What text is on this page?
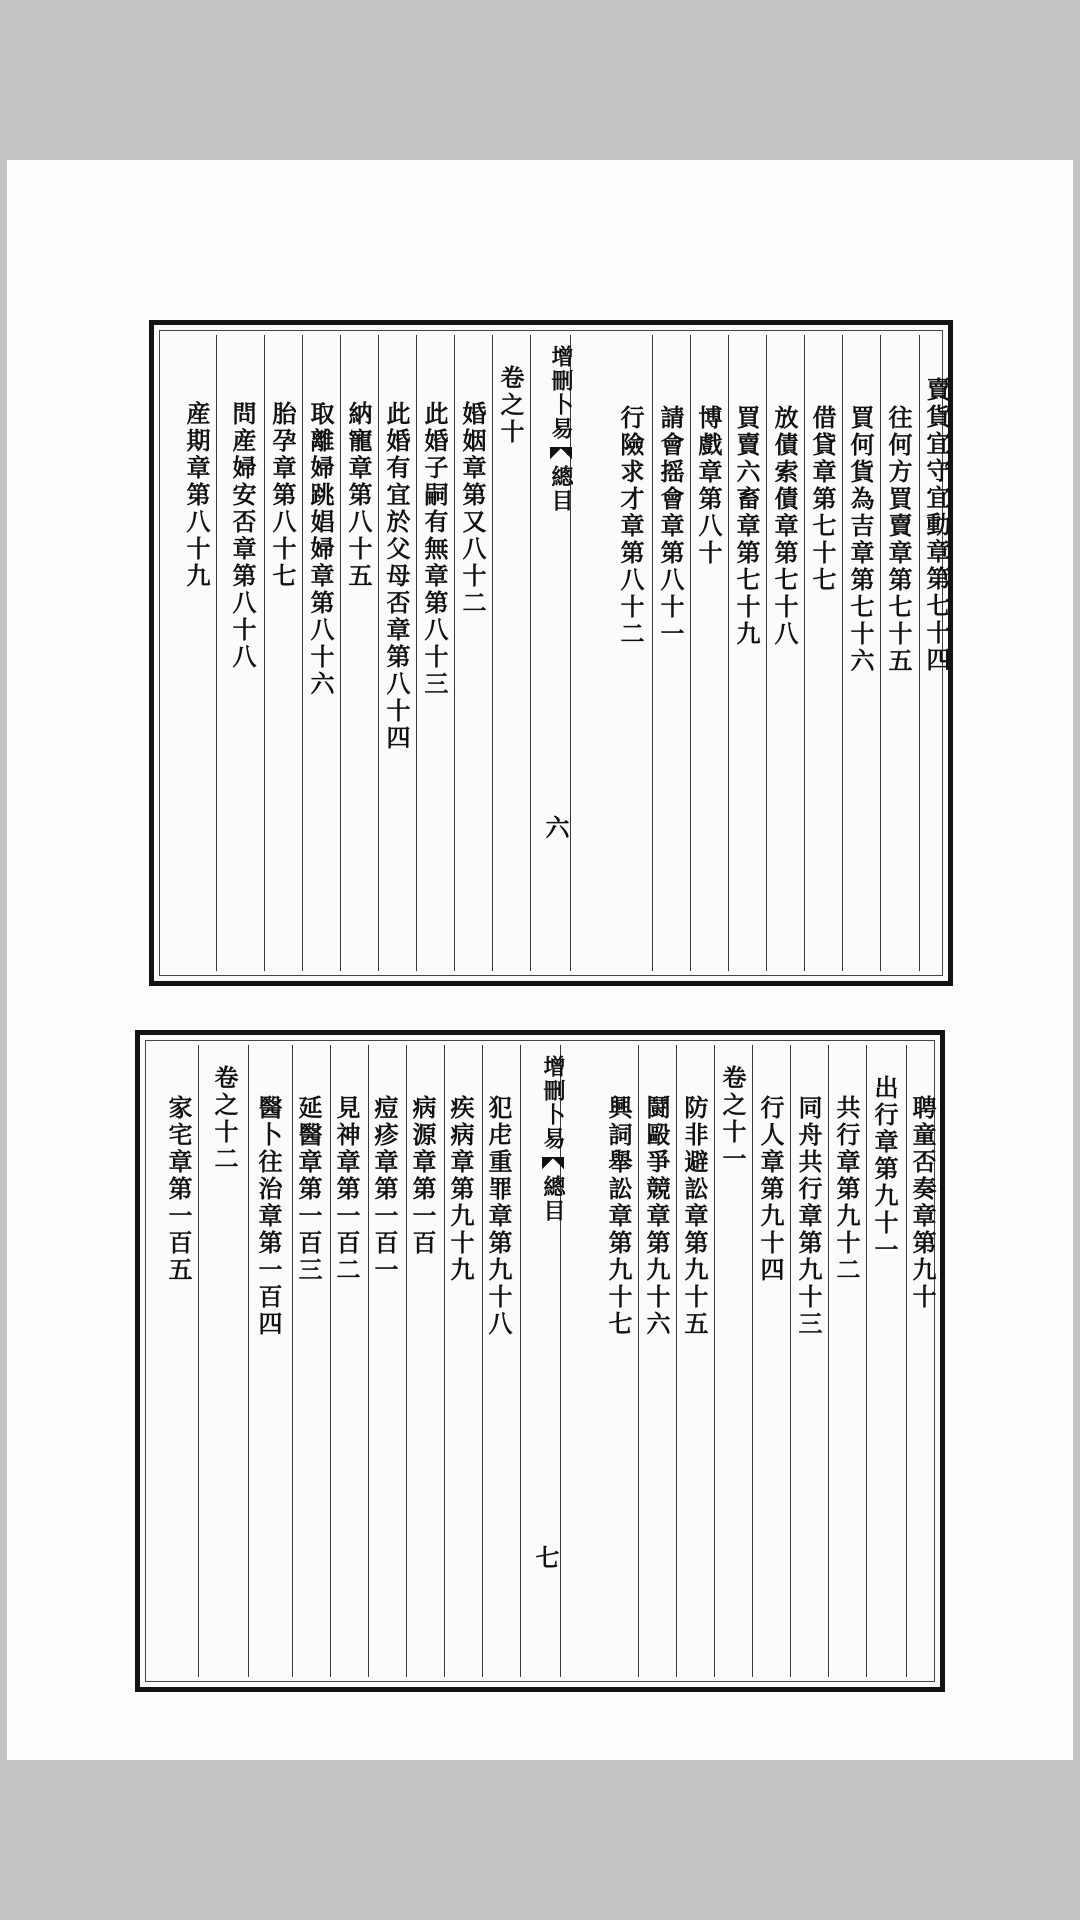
賣貨宜守宜動章第七十四
往何方買賣章第七十五
買何貨為吉章第七十六
借貸章第七十七
放債索債章第七十八
買賣六畜章第七十九
博戲章第八十
請會摇會章第八十一
行險求才章第八十二
增刪卜易總目
六
卷之十
婚姻章第又八十二
此婚子嗣有無章第八十三
此婚有宜於父母否章第八十四
納寵章第八十五
取離婦跳娼婦章第八十六
胎孕章第八十七
問産婦安否章第八十八
産期章第八十九
聘童否奏章第九十
出行章第九十一
共行章第九十二
同舟共行章第九十三
行人章第九十四
卷之十一
防非避訟章第九十五
鬪毆爭競章第九十六
興詞舉訟章第九十七
增刪卜易總目
七
犯虍重罪章第九十八
疾病章第九十九
病源章第一百
痘疹章第一百一
見神章第一百二
延醫章第一百三
醫卜往治章第一百四
卷之十二
家宅章第一百五
